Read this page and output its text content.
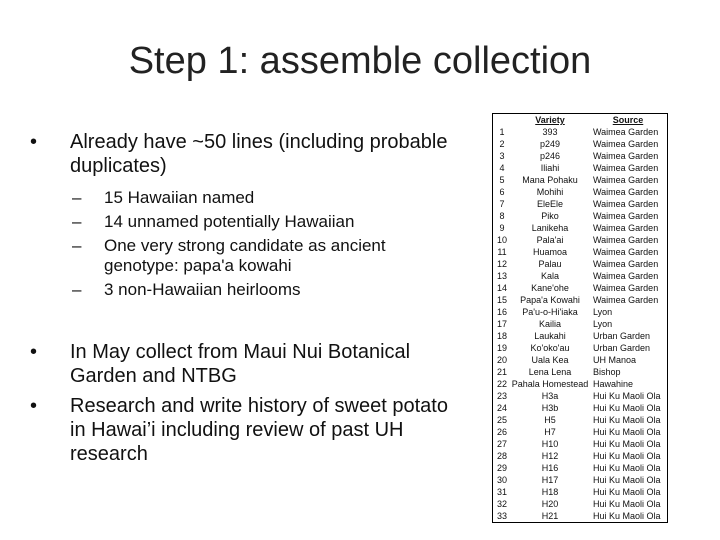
Step 1: assemble collection
• Already have ~50 lines (including probable duplicates)
– 15 Hawaiian named
– 14 unnamed potentially Hawaiian
– One very strong candidate as ancient genotype: papa'a kowahi
– 3 non-Hawaiian heirlooms
• In May collect from Maui Nui Botanical Garden and NTBG
• Research and write history of sweet potato in Hawai’i including review of past UH research
	Variety	Source
1	393	Waimea Garden
2	p249	Waimea Garden
3	p246	Waimea Garden
4	Iliahi	Waimea Garden
5	Mana Pohaku	Waimea Garden
6	Mohihi	Waimea Garden
7	EleEle	Waimea Garden
8	Piko	Waimea Garden
9	Lanikeha	Waimea Garden
10	Pala'ai	Waimea Garden
11	Huamoa	Waimea Garden
12	Palau	Waimea Garden
13	Kala	Waimea Garden
14	Kane'ohe	Waimea Garden
15	Papa'a Kowahi	Waimea Garden
16	Pa'u-o-Hi'iaka	Lyon
17	Kailia	Lyon
18	Laukahi	Urban Garden
19	Ko'oko'au	Urban Garden
20	Uala Kea	UH Manoa
21	Lena Lena	Bishop
22	Pahala Homestead	Hawahine
23	H3a	Hui Ku Maoli Ola
24	H3b	Hui Ku Maoli Ola
25	H5	Hui Ku Maoli Ola
26	H7	Hui Ku Maoli Ola
27	H10	Hui Ku Maoli Ola
28	H12	Hui Ku Maoli Ola
29	H16	Hui Ku Maoli Ola
30	H17	Hui Ku Maoli Ola
31	H18	Hui Ku Maoli Ola
32	H20	Hui Ku Maoli Ola
33	H21	Hui Ku Maoli Ola
